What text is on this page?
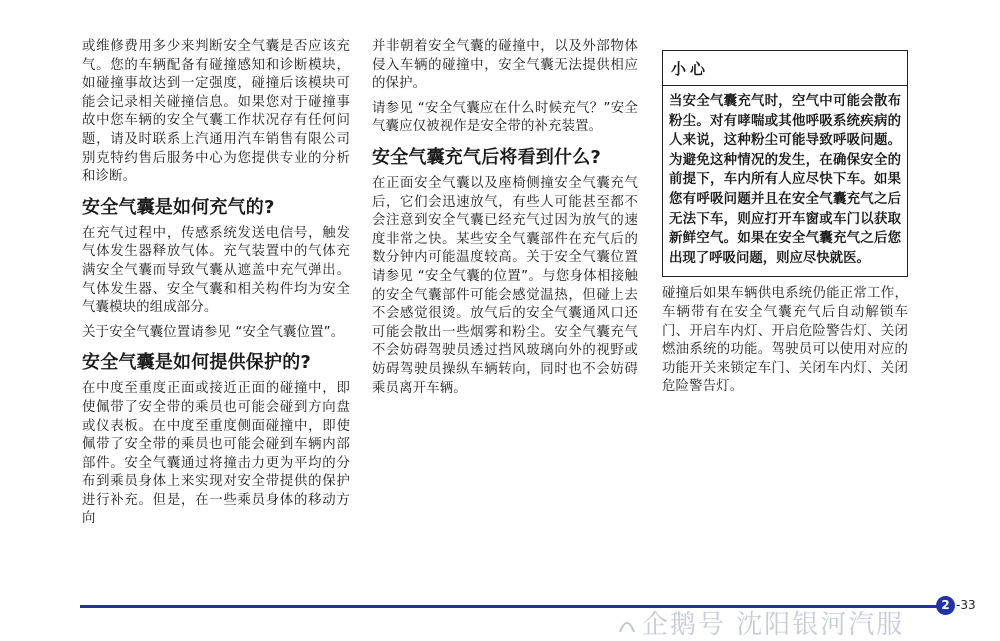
或维修费用多少来判断安全气囊是否应该充气。您的车辆配备有碰撞感知和诊断模块，如碰撞事故达到一定强度，碰撞后该模块可能会记录相关碰撞信息。如果您对于碰撞事故中您车辆的安全气囊工作状况存有任何问题，请及时联系上汽通用汽车销售有限公司别克特约售后服务中心为您提供专业的分析和诊断。

安全气囊是如何充气的?

在充气过程中，传感系统发送电信号，触发气体发生器释放气体。充气装置中的气体充满安全气囊而导致气囊从遮盖中充气弹出。气体发生器、安全气囊和相关构件均为安全气囊模块的组成部分。

关于安全气囊位置请参见 “安全气囊位置”。

安全气囊是如何提供保护的?

在中度至重度正面或接近正面的碰撞中，即使佩带了安全带的乘员也可能会碰到方向盘或仪表板。在中度至重度侧面碰撞中，即使佩带了安全带的乘员也可能会碰到车辆内部部件。安全气囊通过将撞击力更为平均的分布到乘员身体上来实现对安全带提供的保护进行补充。但是，在一些乘员身体的移动方向

并非朝着安全气囊的碰撞中，以及外部物体侵入车辆的碰撞中，安全气囊无法提供相应的保护。

请参见 “安全气囊应在什么时候充气？”安全气囊应仅被视作是安全带的补充装置。

安全气囊充气后将看到什么?

在正面安全气囊以及座椅侧撞安全气囊充气后，它们会迅速放气，有些人可能甚至都不会注意到安全气囊已经充气过因为放气的速度非常之快。某些安全气囊部件在充气后的数分钟内可能温度较高。关于安全气囊位置请参见 “安全气囊的位置”。与您身体相接触的安全气囊部件可能会感觉温热，但碰上去不会感觉很烫。放气后的安全气囊通风口还可能会散出一些烟雾和粉尘。安全气囊充气不会妨碍驾驶员透过挡风玻璃向外的视野或妨碍驾驶员操纵车辆转向，同时也不会妨碍乘员离开车辆。

小心
当安全气囊充气时，空气中可能会散布粉尘。对有哮喘或其他呼吸系统疾病的人来说，这种粉尘可能导致呼吸问题。为避免这种情况的发生，在确保安全的前提下，车内所有人应尽快下车。如果您有呼吸问题并且在安全气囊充气之后无法下车，则应打开车窗或车门以获取新鲜空气。如果在安全气囊充气之后您出现了呼吸问题，则应尽快就医。

碰撞后如果车辆供电系统仍能正常工作，车辆带有在安全气囊充气后自动解锁车门、开启车内灯、开启危险警告灯、关闭燃油系统的功能。驾驶员可以使用对应的功能开关来锁定车门、关闭车内灯、关闭危险警告灯。

2 -33
企鹅号 沈阳银河汽服
